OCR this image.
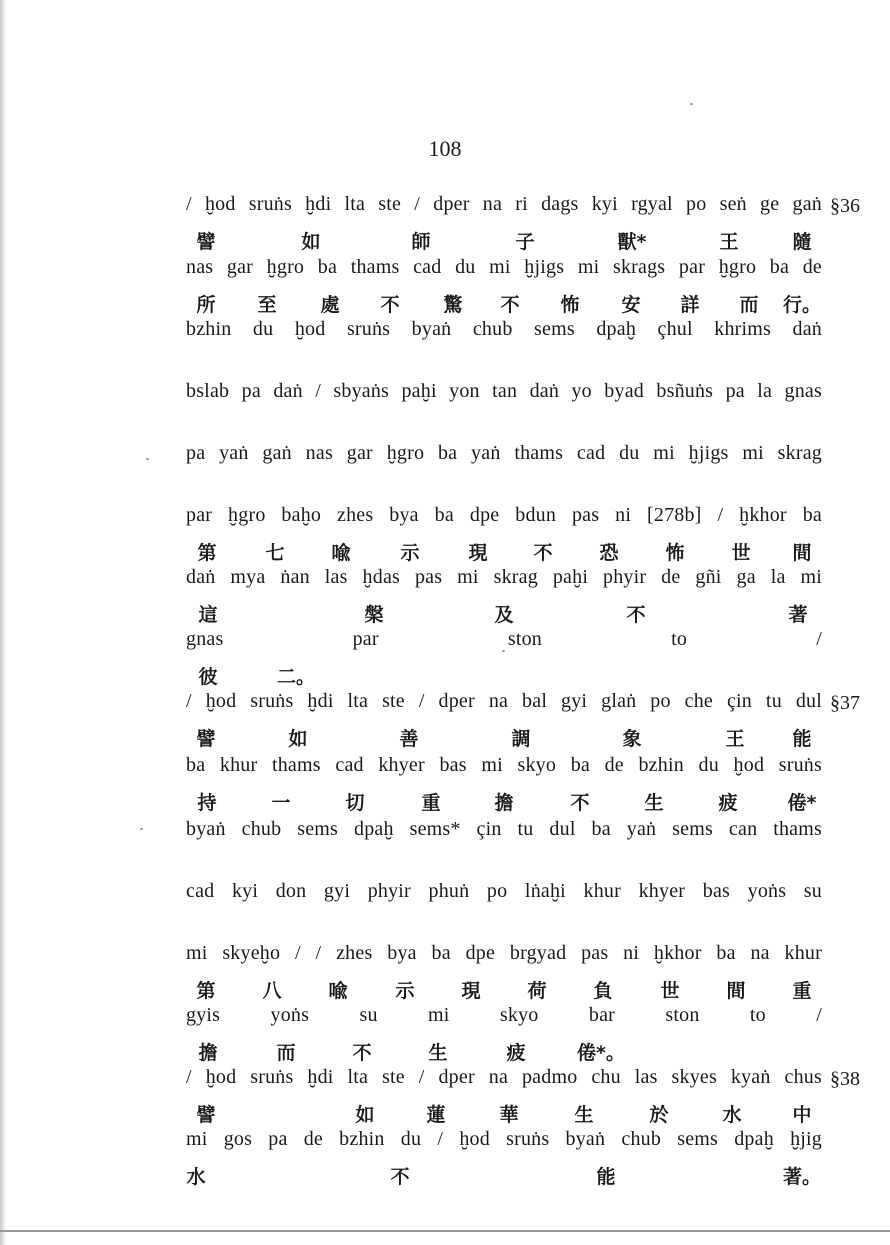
108
/ ḫod sruṅs ḫdi lta ste / dper na ri dags kyi rgyal po seṅ ge gaṅ §36
譬	如	師	子	獸*	王	隨
nas gar ḫgro ba thams cad du mi ḫjigs mi skrags par ḫgro ba de
所 至 處 不 驚 不 怖 安 詳 而 行。
bzhin du ḫod sruṅs byaṅ chub sems dpaḫ çhul khrims daṅ
bslab pa daṅ / sbyaṅs paḫi yon tan daṅ yo byad bsñuṅs pa la gnas
pa yaṅ gaṅ nas gar ḫgro ba yaṅ thams cad du mi ḫjigs mi skrag
par ḫgro baḫo zhes bya ba dpe bdun pas ni [278b] / ḫkhor ba
第	七 喩	示	現 不 恐 怖 世 間
daṅ mya ṅan las ḫdas pas mi skrag paḫi phyir de gñi ga la mi
這	槃	及	不	著
gnas par ston to /
彼	二。
/ ḫod sruṅs ḫdi lta ste / dper na bal gyi glaṅ po che çin tu dul §37
譬	如	善	調	象	王	能
ba khur thams cad khyer bas mi skyo ba de bzhin du ḫod sruṅs
持	一	切	重	擔	不	生	疲	倦*
byaṅ chub sems dpaḫ sems* çin tu dul ba yaṅ sems can thams
cad kyi don gyi phyir phuṅ po lṅaḫi khur khyer bas yoṅs su
mi skyeḫo / / zhes bya ba dpe brgyad pas ni ḫkhor ba na khur
第 八 喩	示 現 荷 負	世 間 重
gyis yoṅs su mi skyo bar ston to /
擔	而	不	生	疲	倦*。
/ ḫod sruṅs ḫdi lta ste / dper na padmo chu las skyes kyaṅ chus §38
譬	如	蓮	華	生	於	水	中
mi gos pa de bzhin du / ḫod sruṅs byaṅ chub sems dpaḫ ḫjig
水	不	能	著。
